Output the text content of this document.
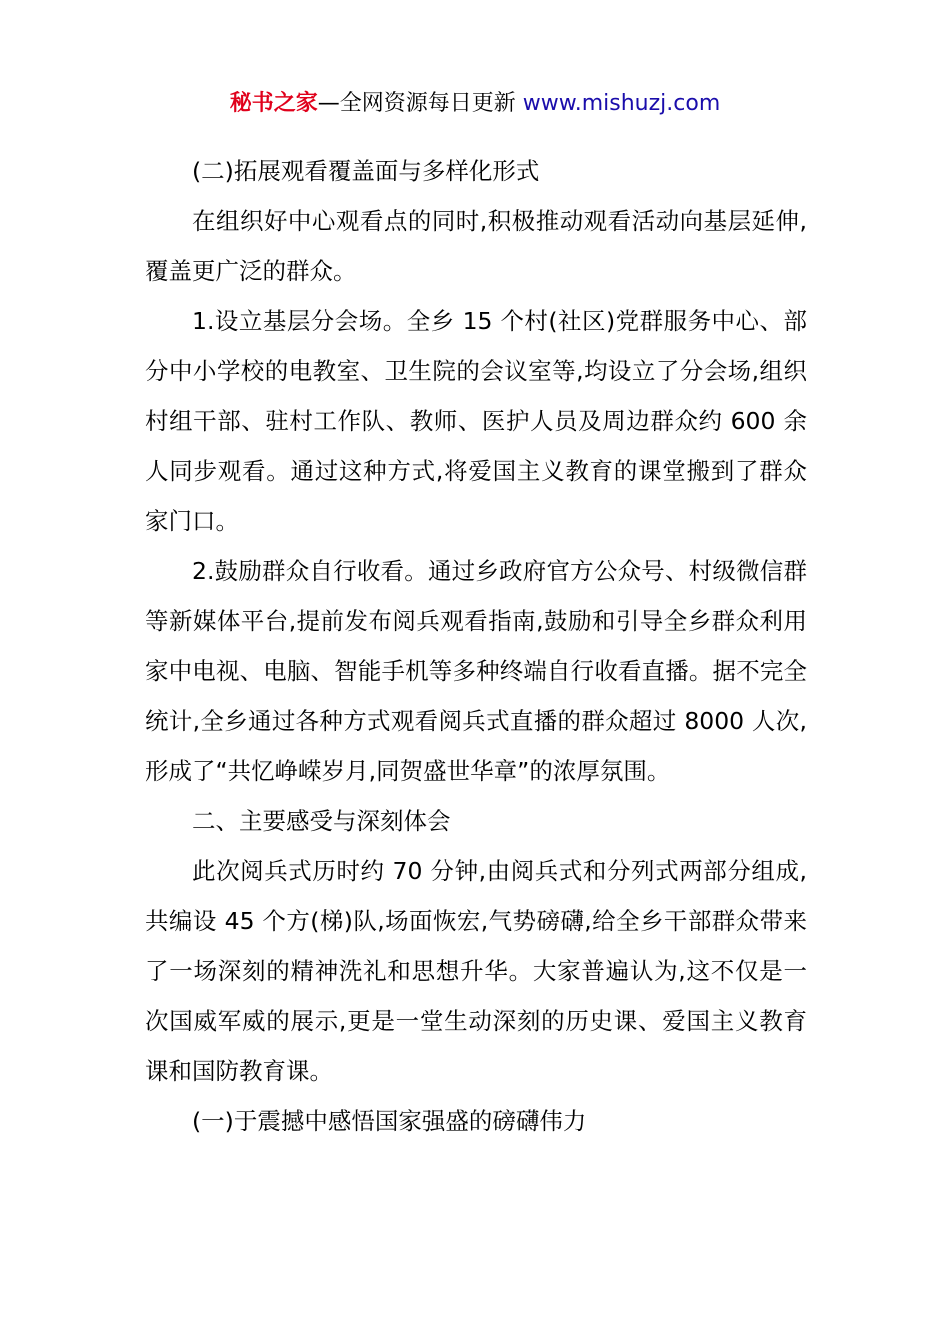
秘书之家—全网资源每日更新 www.mishuzj.com

(二)拓展观看覆盖面与多样化形式

在组织好中心观看点的同时,积极推动观看活动向基层延伸,覆盖更广泛的群众。

1.设立基层分会场。全乡 15 个村(社区)党群服务中心、部分中小学校的电教室、卫生院的会议室等,均设立了分会场,组织村组干部、驻村工作队、教师、医护人员及周边群众约 600 余人同步观看。通过这种方式,将爱国主义教育的课堂搬到了群众家门口。

2.鼓励群众自行收看。通过乡政府官方公众号、村级微信群等新媒体平台,提前发布阅兵观看指南,鼓励和引导全乡群众利用家中电视、电脑、智能手机等多种终端自行收看直播。据不完全统计,全乡通过各种方式观看阅兵式直播的群众超过 8000 人次,形成了“共忆峥嵘岁月,同贺盛世华章”的浓厚氛围。

二、主要感受与深刻体会

此次阅兵式历时约 70 分钟,由阅兵式和分列式两部分组成,共编设 45 个方(梯)队,场面恢宏,气势磅礴,给全乡干部群众带来了一场深刻的精神洗礼和思想升华。大家普遍认为,这不仅是一次国威军威的展示,更是一堂生动深刻的历史课、爱国主义教育课和国防教育课。

(一)于震撼中感悟国家强盛的磅礴伟力
